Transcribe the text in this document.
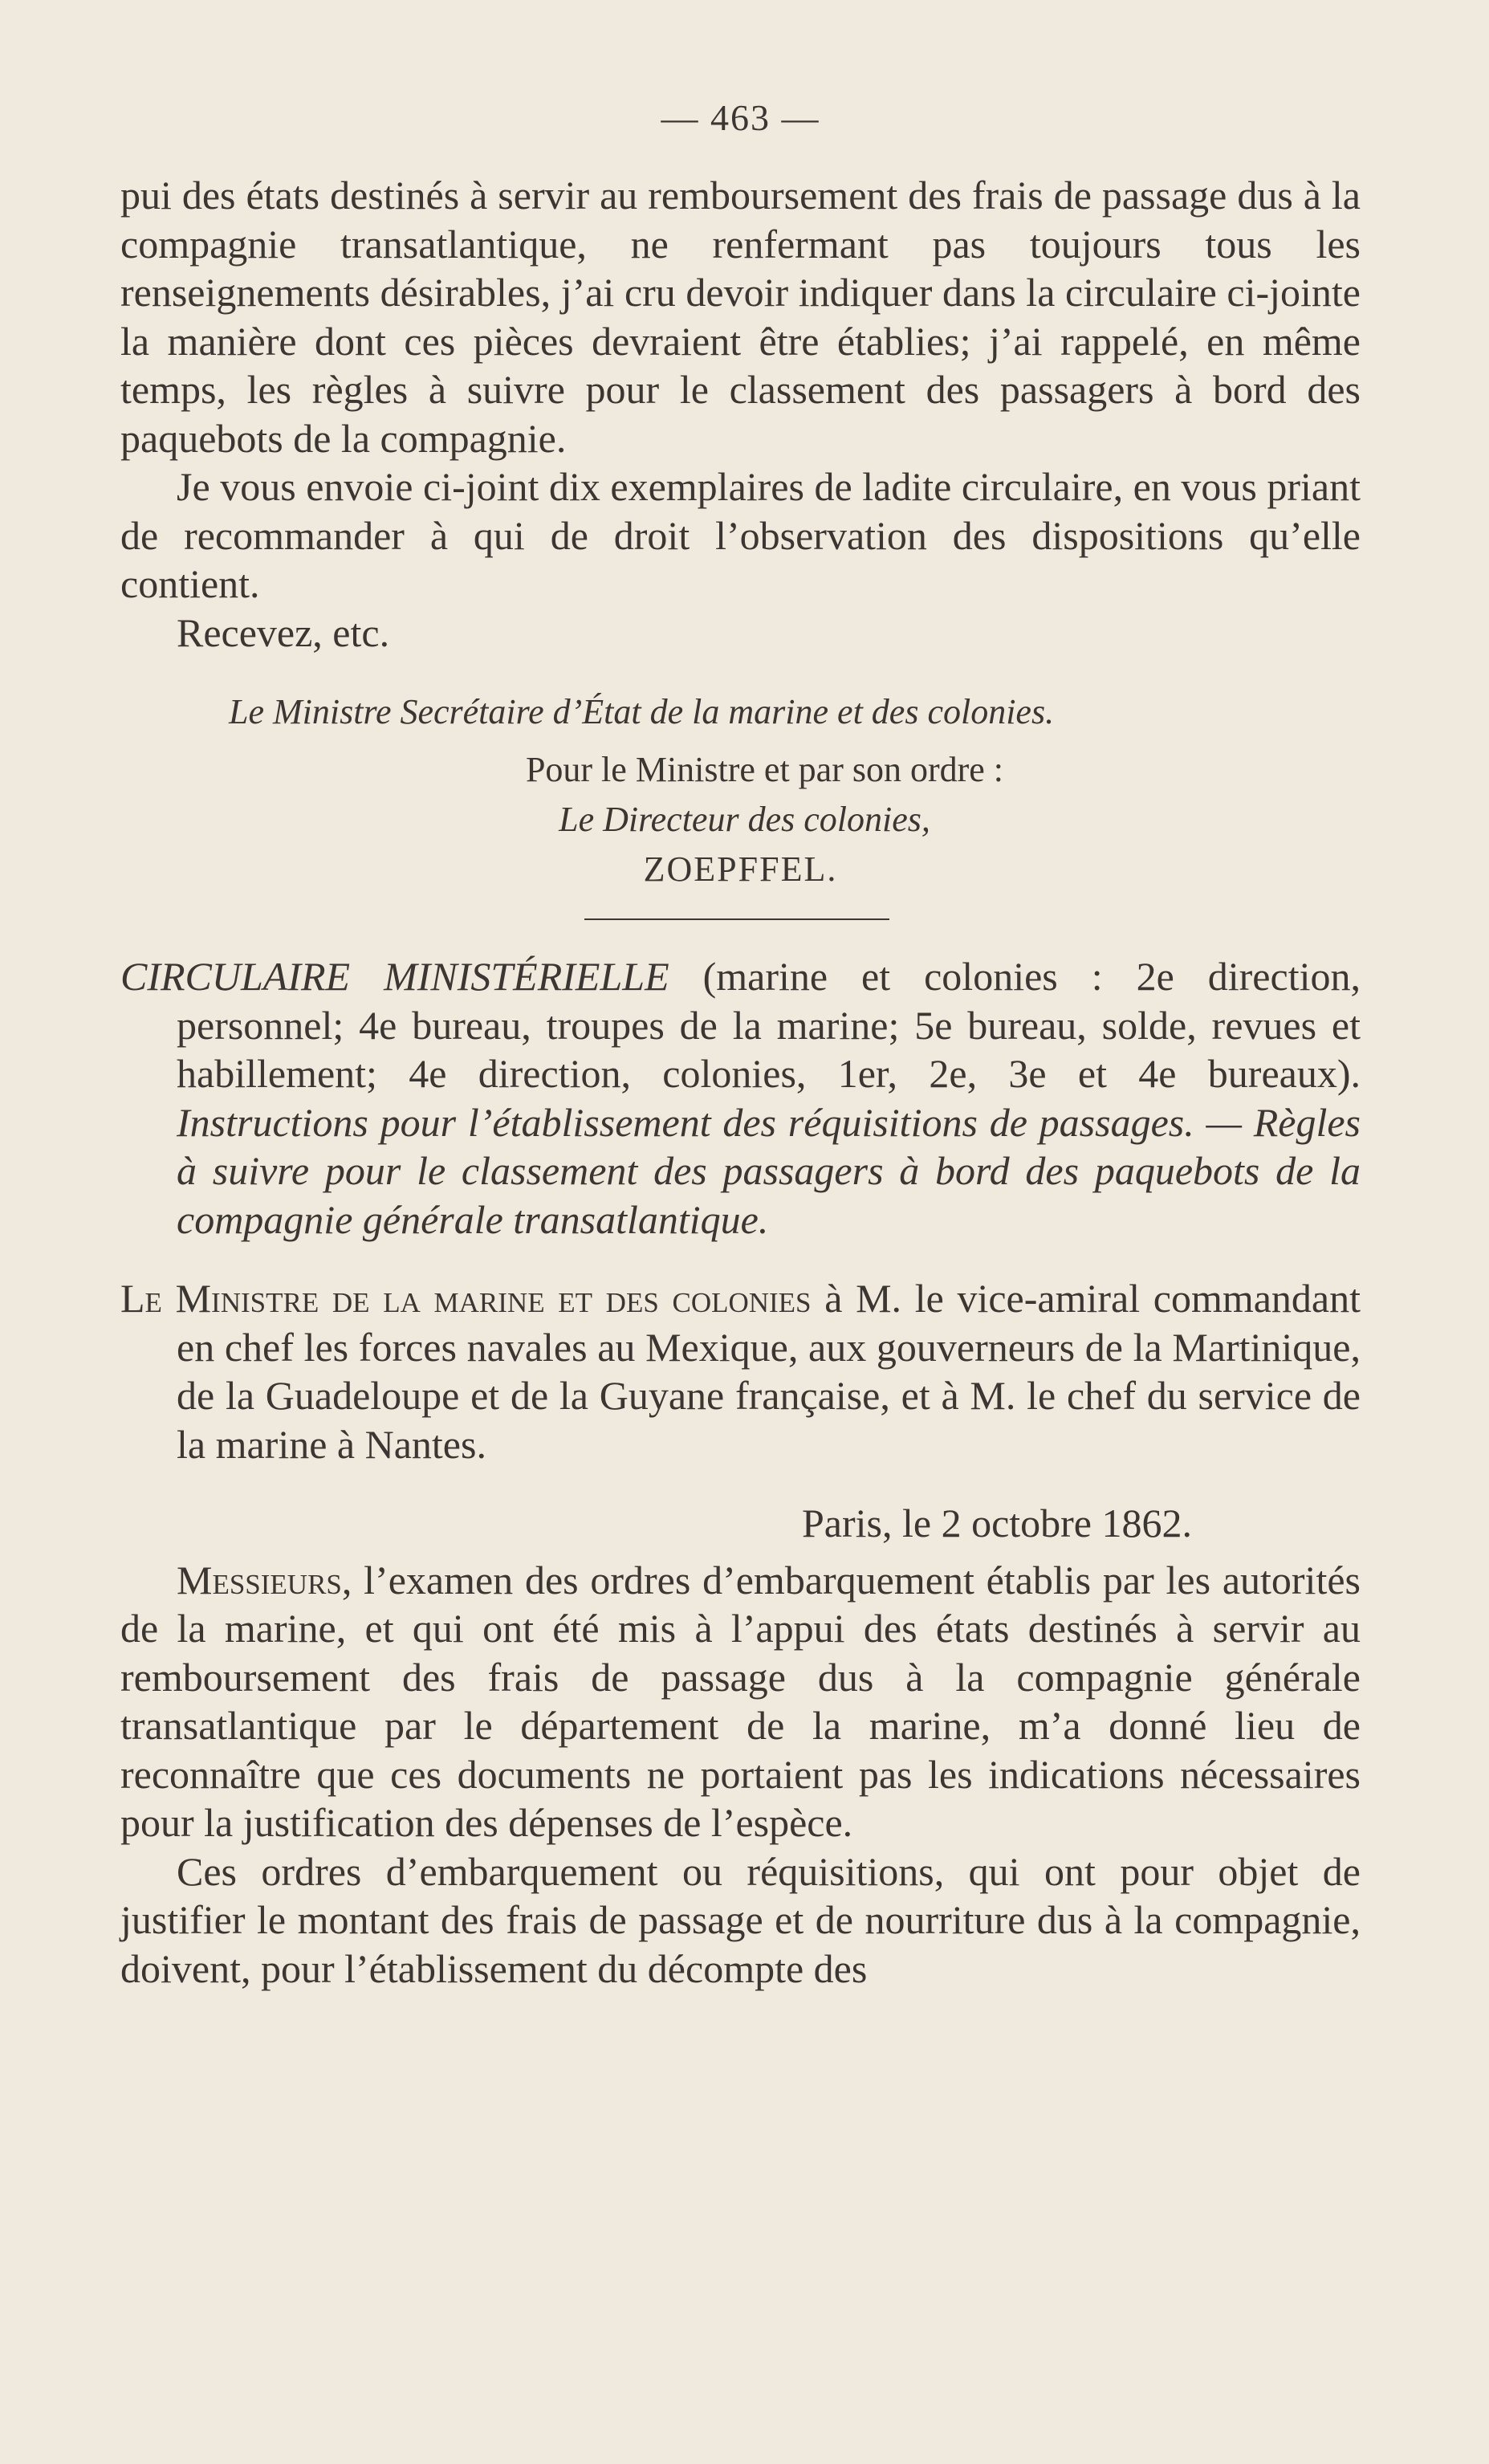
— 463 —

pui des états destinés à servir au remboursement des frais de passage dus à la compagnie transatlantique, ne renfermant pas toujours tous les renseignements désirables, j’ai cru devoir indiquer dans la circulaire ci-jointe la manière dont ces pièces devraient être établies; j’ai rappelé, en même temps, les règles à suivre pour le classement des passagers à bord des paquebots de la compagnie.

Je vous envoie ci-joint dix exemplaires de ladite circulaire, en vous priant de recommander à qui de droit l’observation des dispositions qu’elle contient.

Recevez, etc.

Le Ministre Secrétaire d’État de la marine et des colonies.
Pour le Ministre et par son ordre :
Le Directeur des colonies,
ZOEPFFEL.

CIRCULAIRE MINISTÉRIELLE (marine et colonies : 2e direction, personnel; 4e bureau, troupes de la marine; 5e bureau, solde, revues et habillement; 4e direction, colonies, 1er, 2e, 3e et 4e bureaux). Instructions pour l’établissement des réquisitions de passages. — Règles à suivre pour le classement des passagers à bord des paquebots de la compagnie générale transatlantique.

Le Ministre de la marine et des colonies à M. le vice-amiral commandant en chef les forces navales au Mexique, aux gouverneurs de la Martinique, de la Guadeloupe et de la Guyane française, et à M. le chef du service de la marine à Nantes.

Paris, le 2 octobre 1862.

Messieurs, l’examen des ordres d’embarquement établis par les autorités de la marine, et qui ont été mis à l’appui des états destinés à servir au remboursement des frais de passage dus à la compagnie générale transatlantique par le département de la marine, m’a donné lieu de reconnaître que ces documents ne portaient pas les indications nécessaires pour la justification des dépenses de l’espèce.

Ces ordres d’embarquement ou réquisitions, qui ont pour objet de justifier le montant des frais de passage et de nourriture dus à la compagnie, doivent, pour l’établissement du décompte des
